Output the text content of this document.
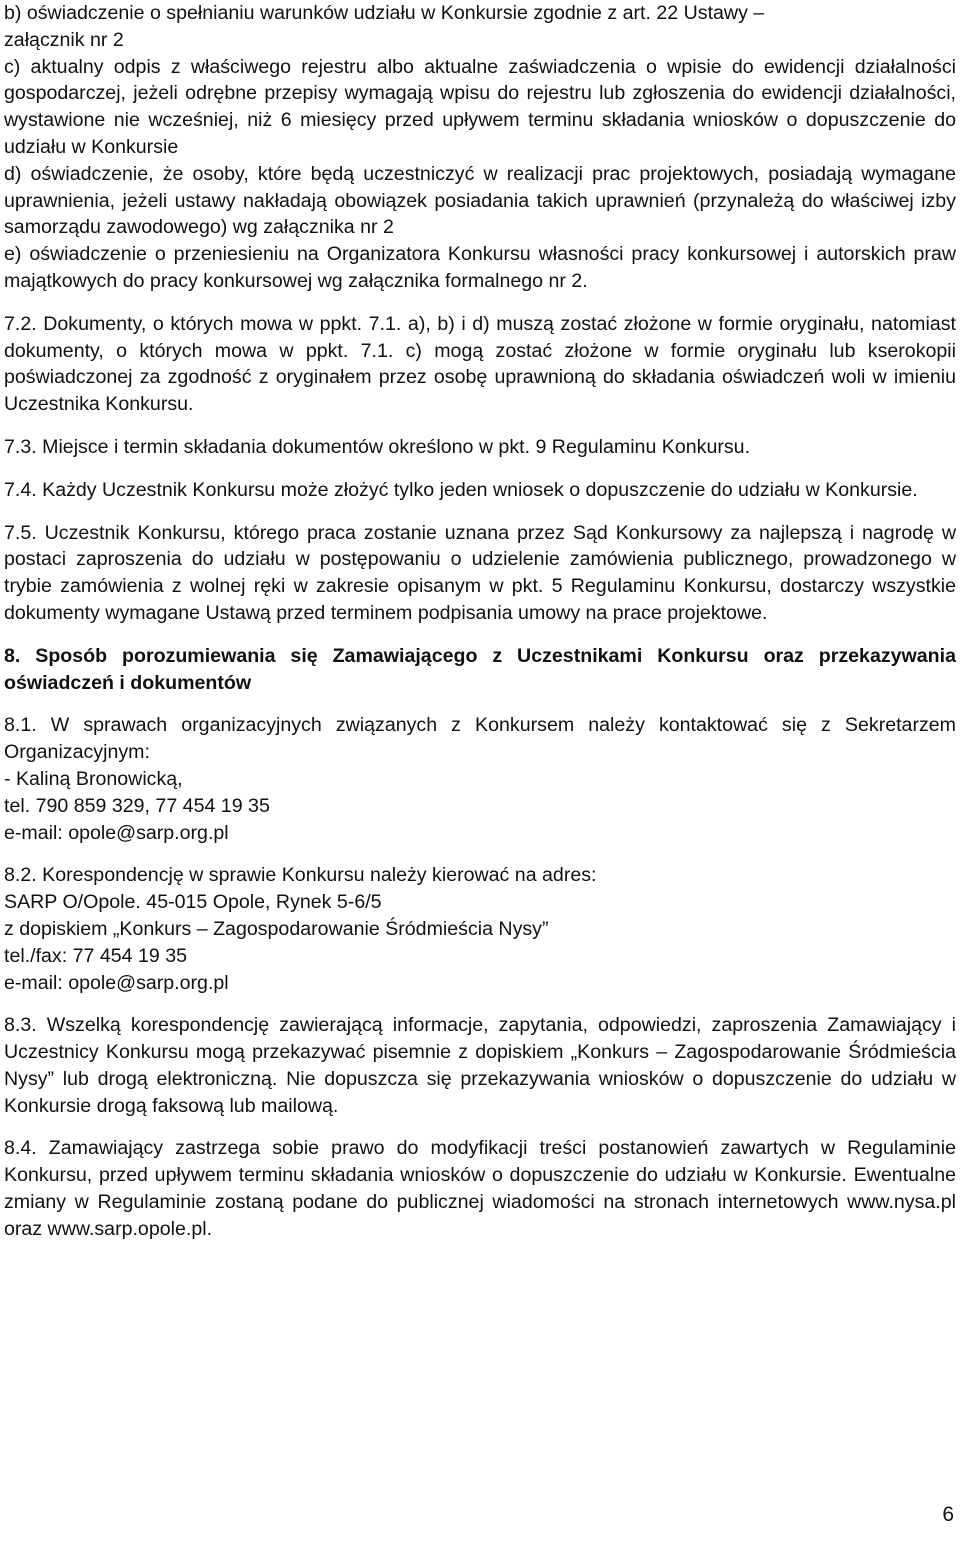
b) oświadczenie o spełnianiu warunków udziału w Konkursie zgodnie z art. 22 Ustawy –

załącznik nr 2

c) aktualny odpis z właściwego rejestru albo aktualne zaświadczenia o wpisie do ewidencji działalności gospodarczej, jeżeli odrębne przepisy wymagają wpisu do rejestru lub zgłoszenia do ewidencji działalności, wystawione nie wcześniej, niż 6 miesięcy przed upływem terminu składania wniosków o dopuszczenie do udziału w Konkursie

d) oświadczenie, że osoby, które będą uczestniczyć w realizacji prac projektowych, posiadają wymagane uprawnienia, jeżeli ustawy nakładają obowiązek posiadania takich uprawnień (przynależą do właściwej izby samorządu zawodowego) wg załącznika nr 2

e) oświadczenie o przeniesieniu na Organizatora Konkursu własności pracy konkursowej i autorskich praw majątkowych do pracy konkursowej wg załącznika formalnego nr 2.

7.2. Dokumenty, o których mowa w ppkt. 7.1. a), b) i d) muszą zostać złożone w formie oryginału, natomiast dokumenty, o których mowa w ppkt. 7.1. c) mogą zostać złożone w formie oryginału lub kserokopii poświadczonej za zgodność z oryginałem przez osobę uprawnioną do składania oświadczeń woli w imieniu Uczestnika Konkursu.

7.3. Miejsce i termin składania dokumentów określono w pkt. 9 Regulaminu Konkursu.

7.4. Każdy Uczestnik Konkursu może złożyć tylko jeden wniosek o dopuszczenie do udziału w Konkursie.

7.5. Uczestnik Konkursu, którego praca zostanie uznana przez Sąd Konkursowy za najlepszą i nagrodę w postaci zaproszenia do udziału w postępowaniu o udzielenie zamówienia publicznego, prowadzonego w trybie zamówienia z wolnej ręki w zakresie opisanym w pkt. 5 Regulaminu Konkursu, dostarczy wszystkie dokumenty wymagane Ustawą przed terminem podpisania umowy na prace projektowe.

8. Sposób porozumiewania się Zamawiającego z Uczestnikami Konkursu oraz przekazywania oświadczeń i dokumentów

8.1. W sprawach organizacyjnych związanych z Konkursem należy kontaktować się z Sekretarzem Organizacyjnym:

- Kaliną Bronowicką,

tel. 790 859 329, 77 454 19 35

e-mail: opole@sarp.org.pl

8.2. Korespondencję w sprawie Konkursu należy kierować na adres:

SARP O/Opole. 45-015 Opole, Rynek 5-6/5

z dopiskiem „Konkurs – Zagospodarowanie Śródmieścia Nysy”

tel./fax: 77 454 19 35

e-mail: opole@sarp.org.pl

8.3. Wszelką korespondencję zawierającą informacje, zapytania, odpowiedzi, zaproszenia Zamawiający i Uczestnicy Konkursu mogą przekazywać pisemnie z dopiskiem „Konkurs – Zagospodarowanie Śródmieścia Nysy” lub drogą elektroniczną. Nie dopuszcza się przekazywania wniosków o dopuszczenie do udziału w Konkursie drogą faksową lub mailową.

8.4. Zamawiający zastrzega sobie prawo do modyfikacji treści postanowień zawartych w Regulaminie Konkursu, przed upływem terminu składania wniosków o dopuszczenie do udziału w Konkursie. Ewentualne zmiany w Regulaminie zostaną podane do publicznej wiadomości na stronach internetowych www.nysa.pl oraz www.sarp.opole.pl.

6
